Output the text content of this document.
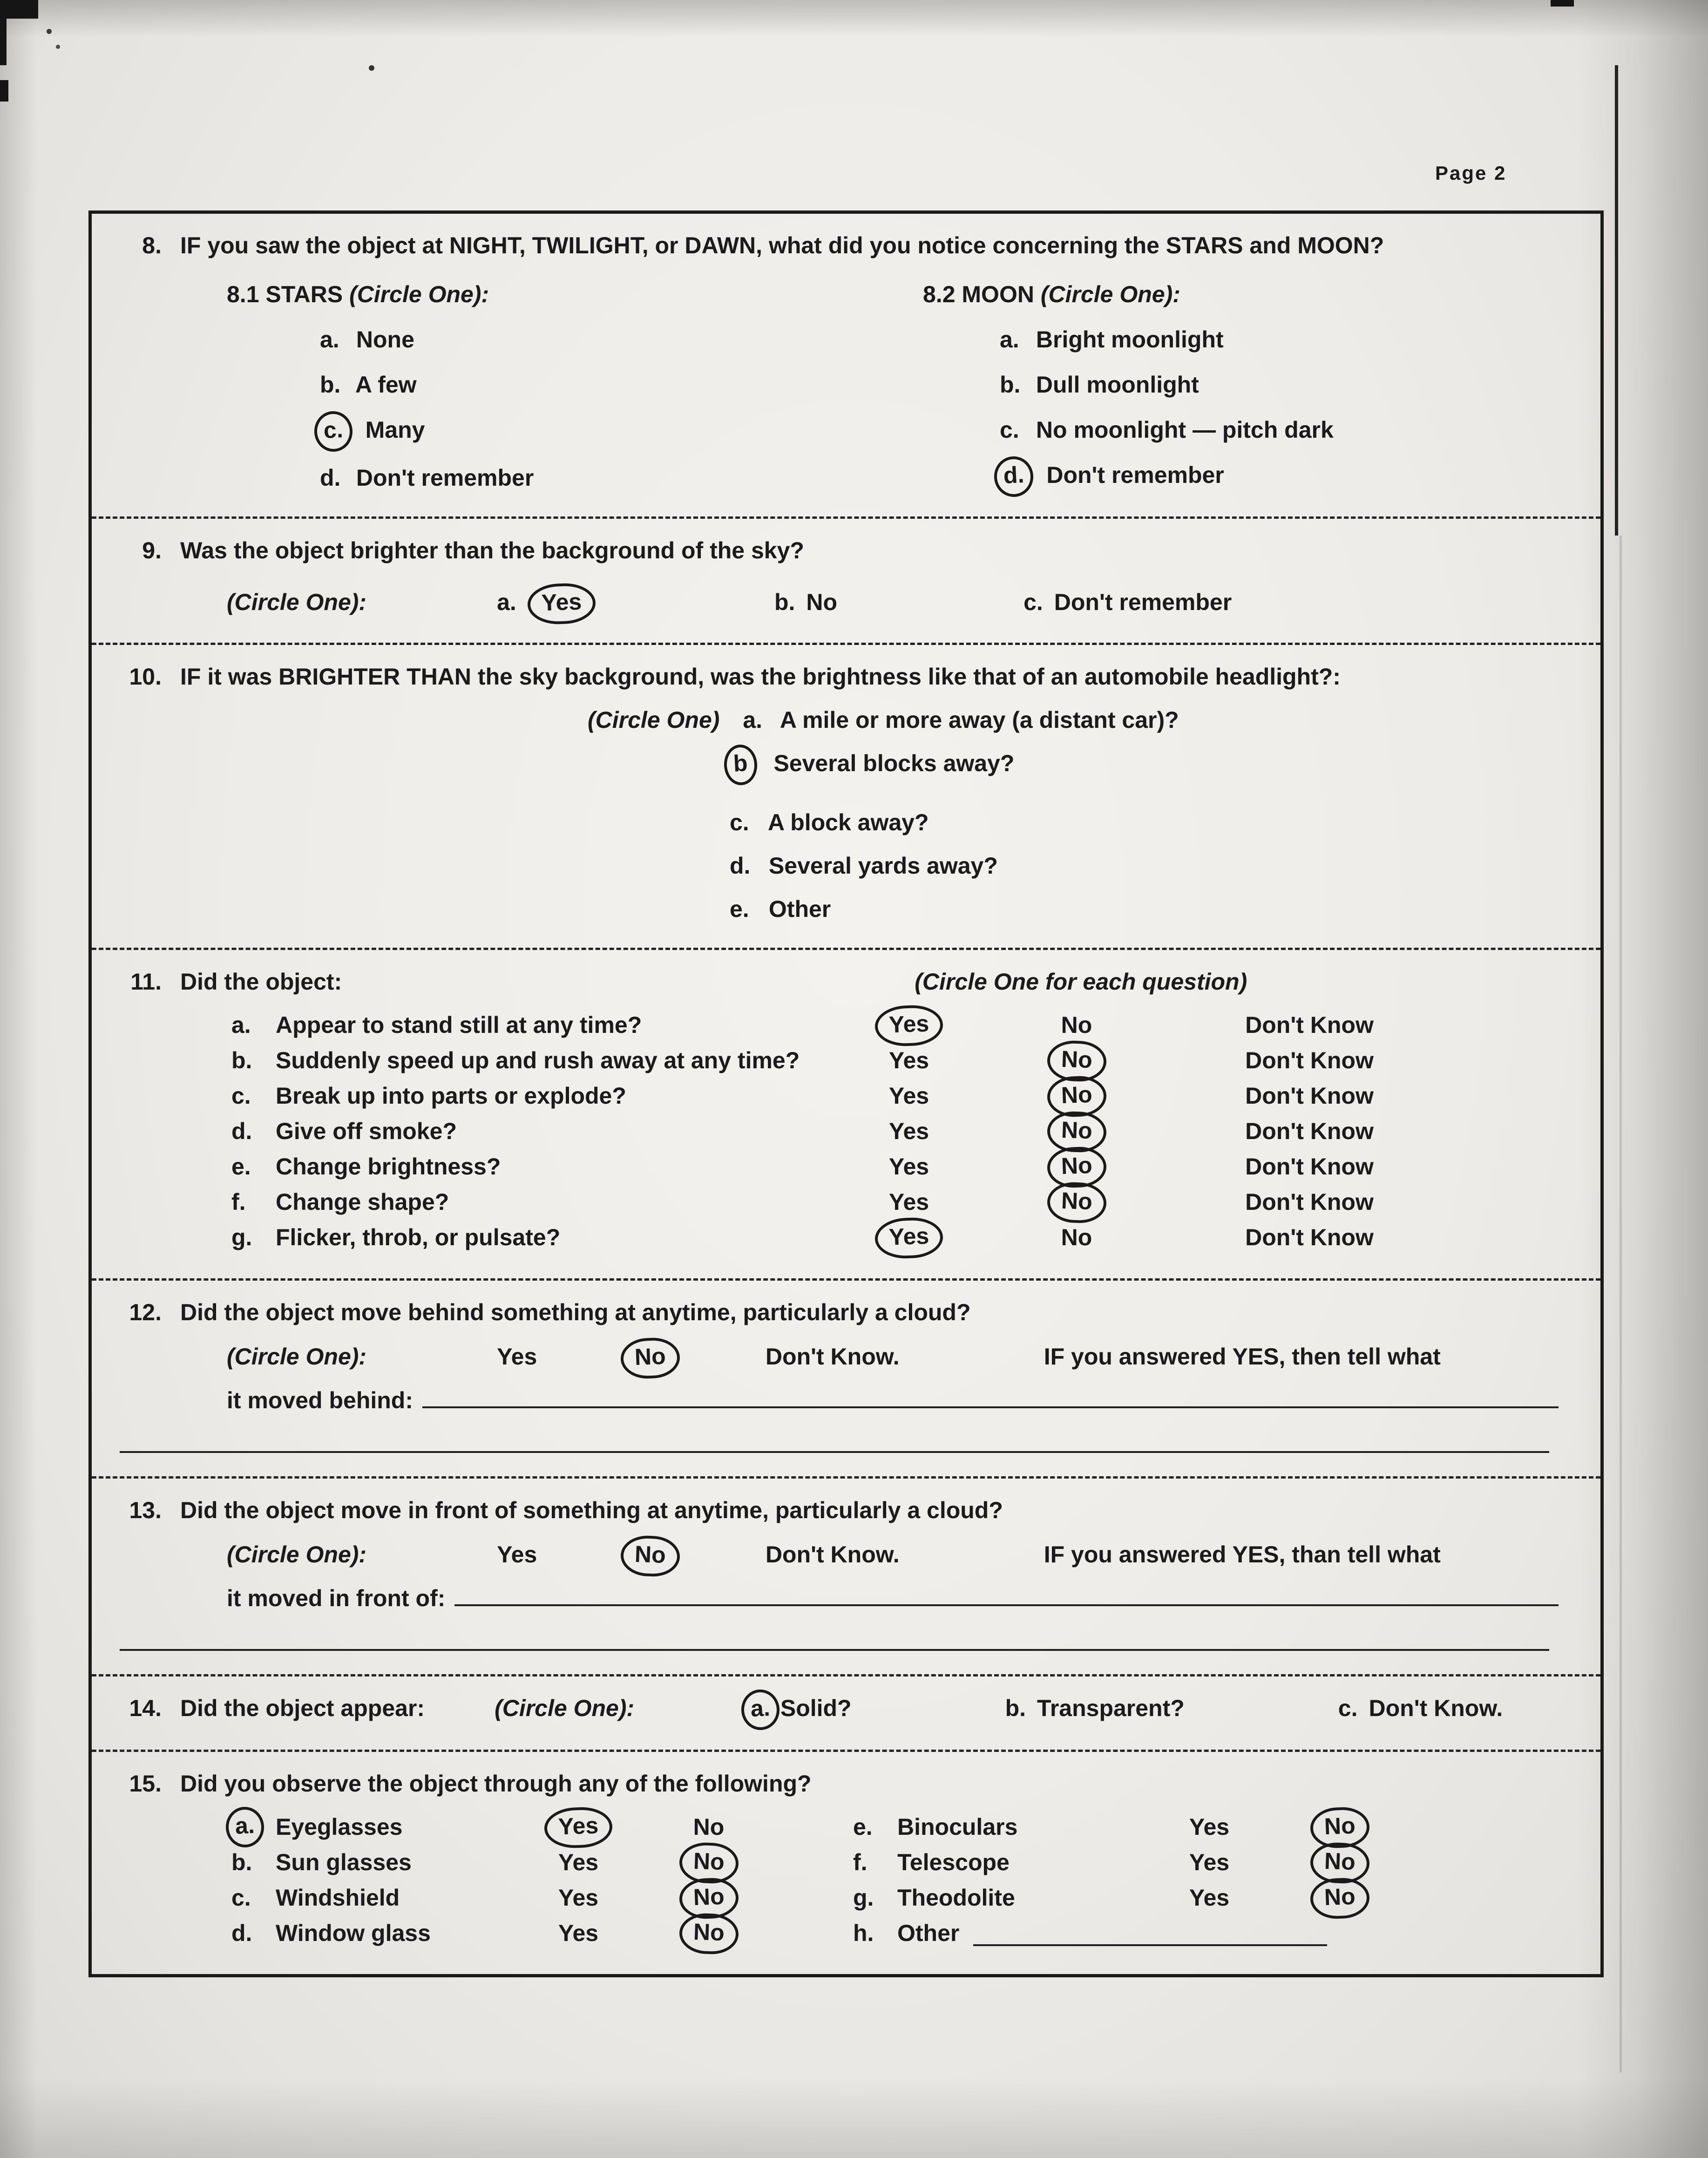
Page 2
8. IF you saw the object at NIGHT, TWILIGHT, or DAWN, what did you notice concerning the STARS and MOON?
8.1 STARS (Circle One):
a. None
b. A few
c. Many
d. Don't remember
8.2 MOON (Circle One):
a. Bright moonlight
b. Dull moonlight
c. No moonlight — pitch dark
d. Don't remember
9. Was the object brighter than the background of the sky?
(Circle One):	a.	Yes	b. No	c. Don't remember
10. IF it was BRIGHTER THAN the sky background, was the brightness like that of an automobile headlight?:
(Circle One) a. A mile or more away (a distant car)?
b Several blocks away?
c. A block away?
d. Several yards away?
e. Other
11. Did the object:	(Circle One for each question)
a.	Appear to stand still at any time?	Yes	No	Don't Know
b.	Suddenly speed up and rush away at any time?	Yes	No	Don't Know
c.	Break up into parts or explode?	Yes	No	Don't Know
d.	Give off smoke?	Yes	No	Don't Know
e.	Change brightness?	Yes	No	Don't Know
f.	Change shape?	Yes	No	Don't Know
g.	Flicker, throb, or pulsate?	Yes	No	Don't Know
12. Did the object move behind something at anytime, particularly a cloud?
(Circle One):	Yes	No	Don't Know.	IF you answered YES, then tell what
it moved behind:
13. Did the object move in front of something at anytime, particularly a cloud?
(Circle One):	Yes	No	Don't Know.	IF you answered YES, than tell what
it moved in front of:
14. Did the object appear:	(Circle One):	a. Solid?	b. Transparent?	c. Don't Know.
15. Did you observe the object through any of the following?
a. Eyeglasses	Yes	No	e.	Binoculars	Yes	No
b.	Sun glasses	Yes	No	f.	Telescope	Yes	No
c.	Windshield	Yes	No	g.	Theodolite	Yes	No
d.	Window glass	Yes	No	h.	Other
